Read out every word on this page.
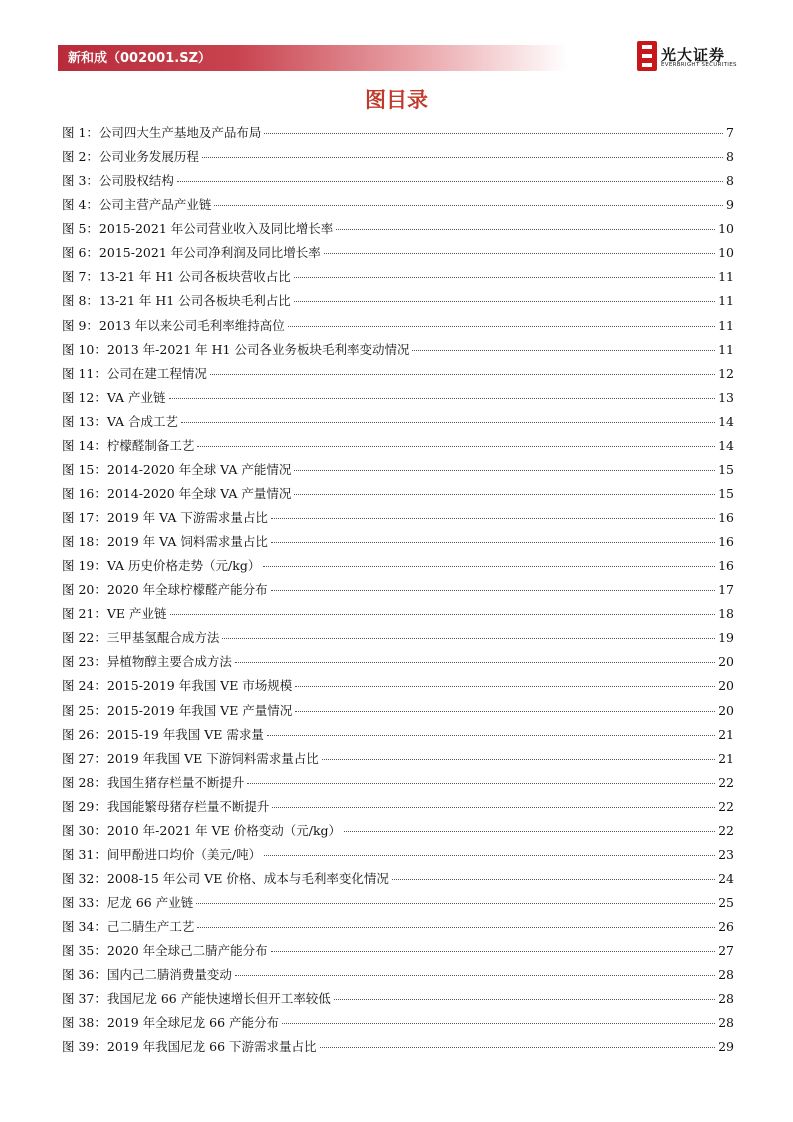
新和成（002001.SZ）	光大证券
EVERBRIGHT SECURITIES
图目录
图 1：公司四大生产基地及产品布局	7
图 2：公司业务发展历程	8
图 3：公司股权结构	8
图 4：公司主营产品产业链	9
图 5：2015-2021 年公司营业收入及同比增长率	10
图 6：2015-2021 年公司净利润及同比增长率	10
图 7：13-21 年 H1 公司各板块营收占比	11
图 8：13-21 年 H1 公司各板块毛利占比	11
图 9：2013 年以来公司毛利率维持高位	11
图 10：2013 年-2021 年 H1 公司各业务板块毛利率变动情况	11
图 11：公司在建工程情况	12
图 12：VA 产业链	13
图 13：VA 合成工艺	14
图 14：柠檬醛制备工艺	14
图 15：2014-2020 年全球 VA 产能情况	15
图 16：2014-2020 年全球 VA 产量情况	15
图 17：2019 年 VA 下游需求量占比	16
图 18：2019 年 VA 饲料需求量占比	16
图 19：VA 历史价格走势（元/kg）	16
图 20：2020 年全球柠檬醛产能分布	17
图 21：VE 产业链	18
图 22：三甲基氢醌合成方法	19
图 23：异植物醇主要合成方法	20
图 24：2015-2019 年我国 VE 市场规模	20
图 25：2015-2019 年我国 VE 产量情况	20
图 26：2015-19 年我国 VE 需求量	21
图 27：2019 年我国 VE 下游饲料需求量占比	21
图 28：我国生猪存栏量不断提升	22
图 29：我国能繁母猪存栏量不断提升	22
图 30：2010 年-2021 年 VE 价格变动（元/kg）	22
图 31：间甲酚进口均价（美元/吨）	23
图 32：2008-15 年公司 VE 价格、成本与毛利率变化情况	24
图 33：尼龙 66 产业链	25
图 34：己二腈生产工艺	26
图 35：2020 年全球己二腈产能分布	27
图 36：国内己二腈消费量变动	28
图 37：我国尼龙 66 产能快速增长但开工率较低	28
图 38：2019 年全球尼龙 66 产能分布	28
图 39：2019 年我国尼龙 66 下游需求量占比	29
